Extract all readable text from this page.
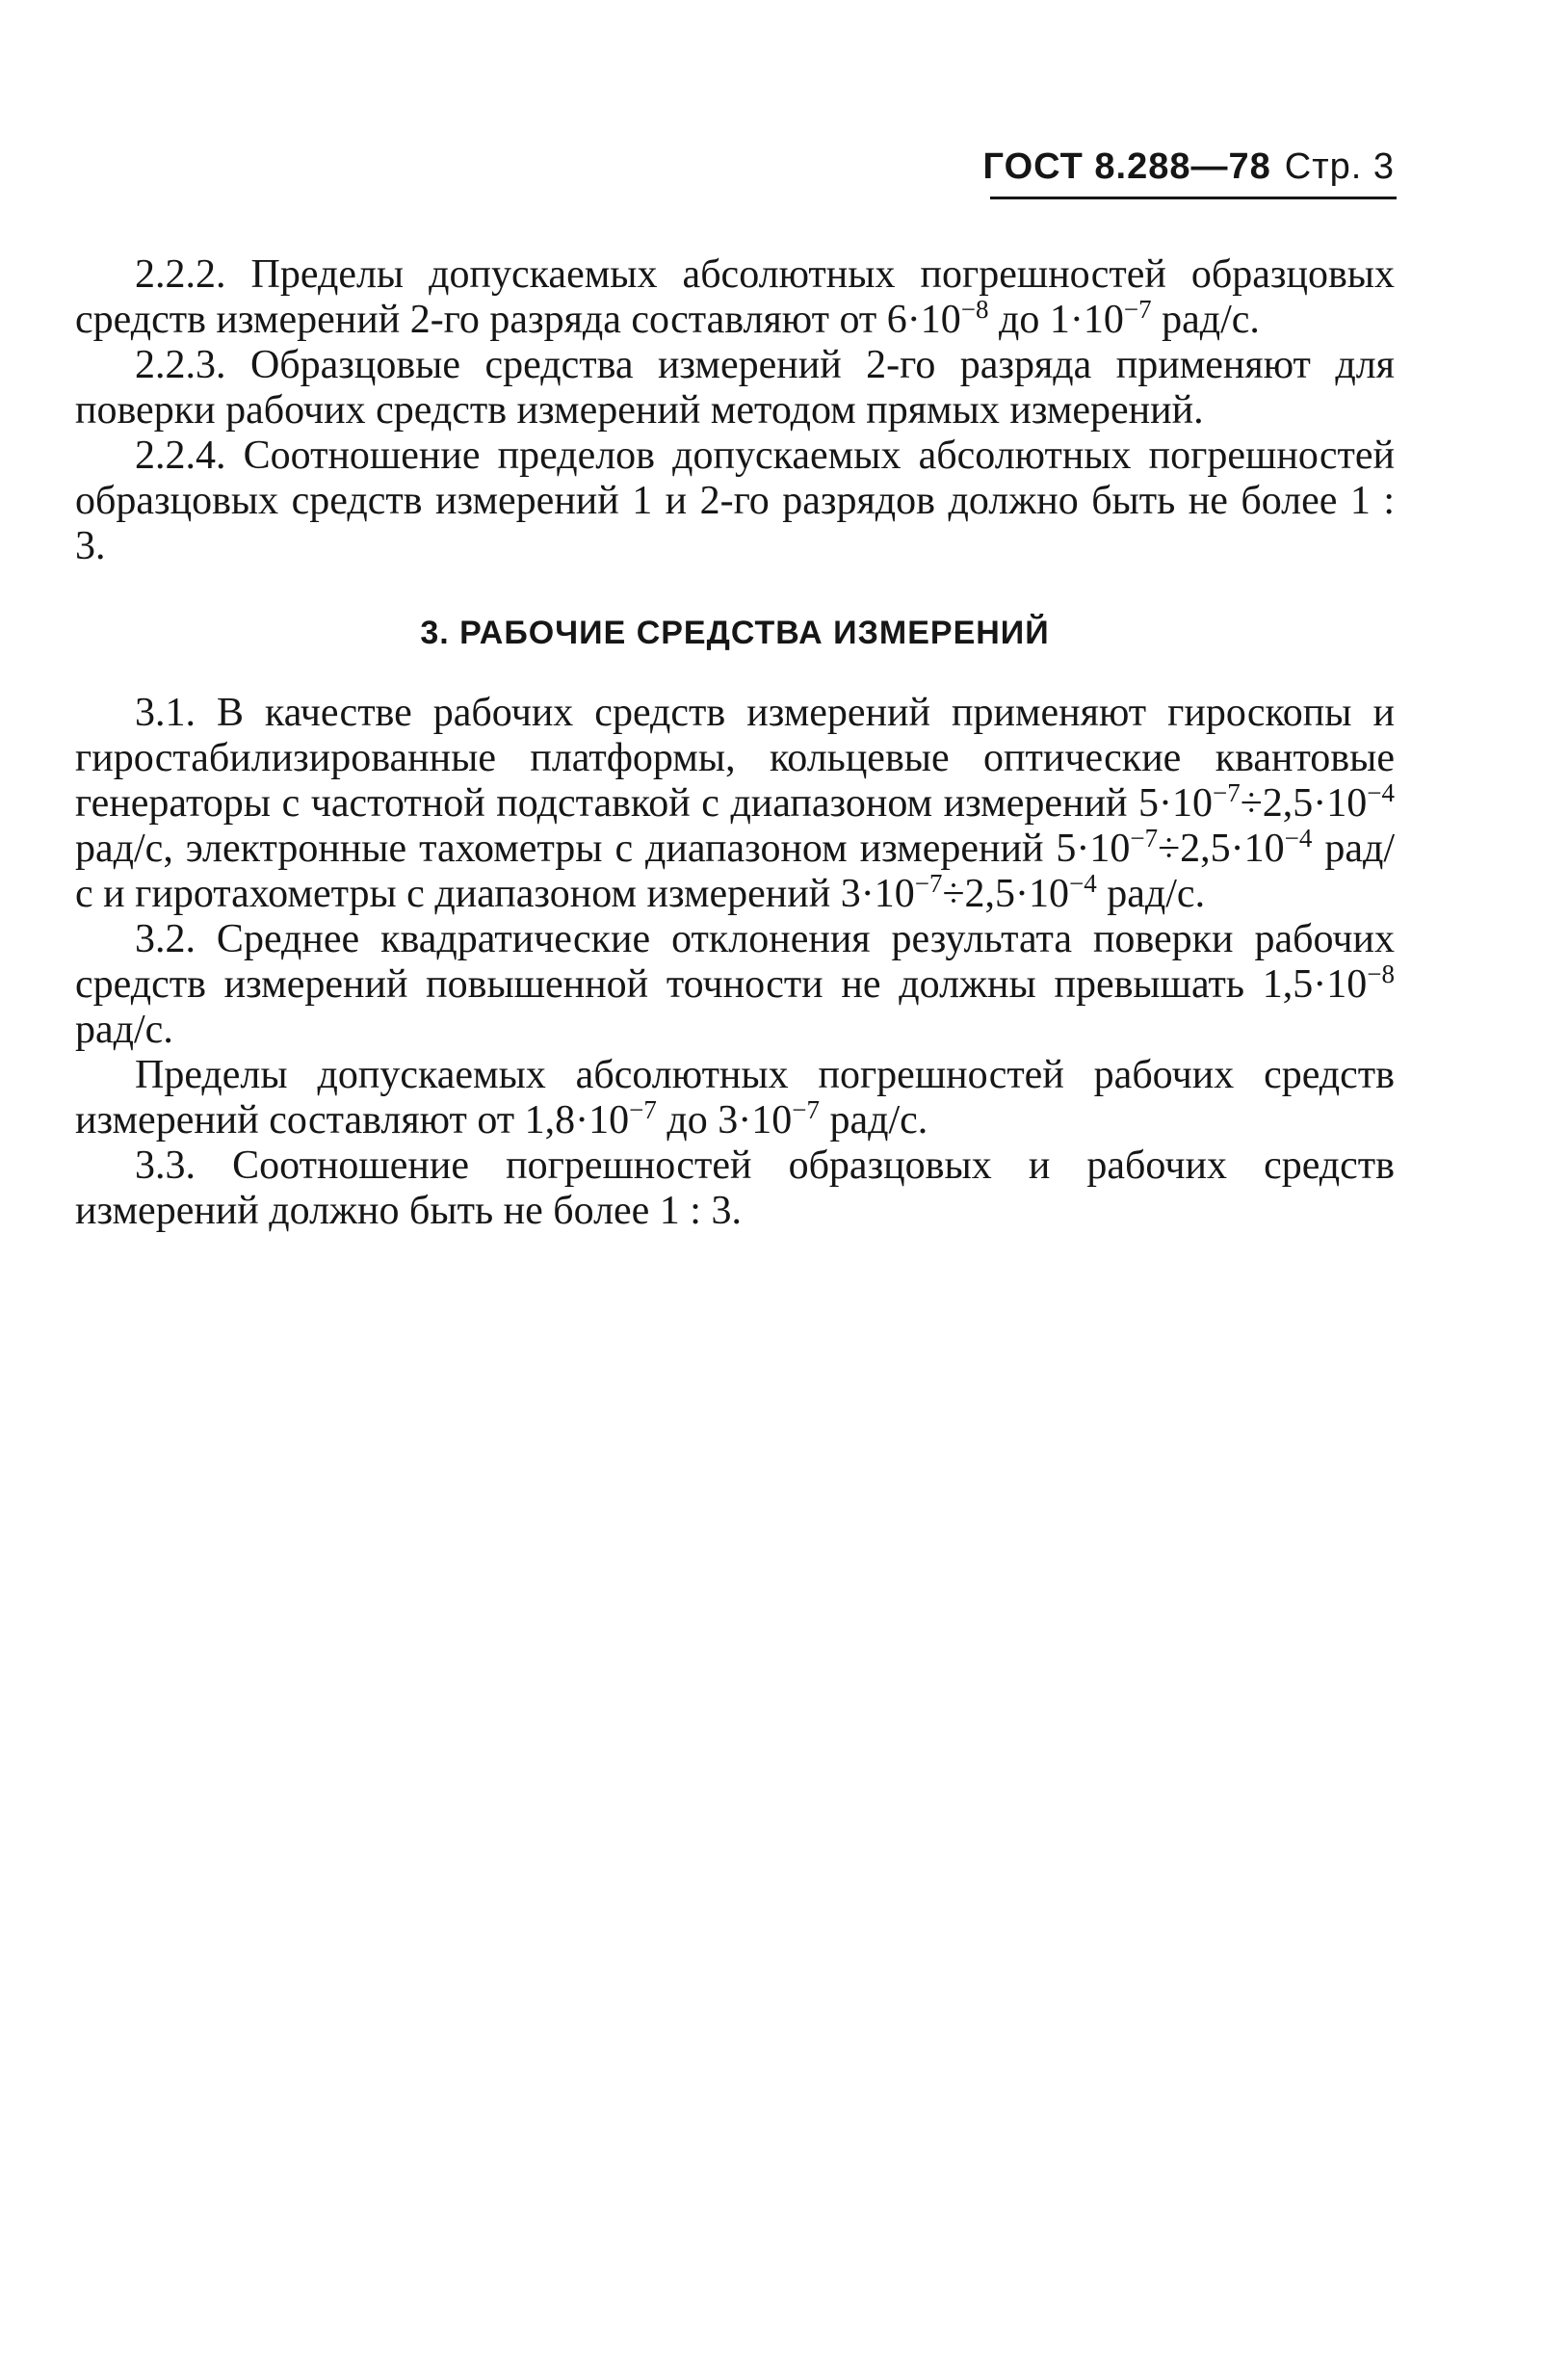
ГОСТ 8.288—78 Стр. 3

2.2.2. Пределы допускаемых абсолютных погрешностей образцовых средств измерений 2-го разряда составляют от $6\cdot 10^{-8}$ до $1\cdot 10^{-7}$ рад/с.

2.2.3. Образцовые средства измерений 2-го разряда применяют для поверки рабочих средств измерений методом прямых измерений.

2.2.4. Соотношение пределов допускаемых абсолютных погрешностей образцовых средств измерений 1 и 2-го разрядов должно быть не более 1 : 3.

3. РАБОЧИЕ СРЕДСТВА ИЗМЕРЕНИЙ

3.1. В качестве рабочих средств измерений применяют гироскопы и гиростабилизированные платформы, кольцевые оптические квантовые генераторы с частотной подставкой с диапазоном измерений $5\cdot 10^{-7}\div 2,5\cdot 10^{-4}$ рад/с, электронные тахометры с диапазоном измерений $5\cdot 10^{-7}\div 2,5\cdot 10^{-4}$ рад/с и гиротахометры с диапазоном измерений $3\cdot 10^{-7}\div 2,5\cdot 10^{-4}$ рад/с.

3.2. Среднее квадратические отклонения результата поверки рабочих средств измерений повышенной точности не должны превышать $1,5\cdot 10^{-8}$ рад/с.

Пределы допускаемых абсолютных погрешностей рабочих средств измерений составляют от $1,8\cdot 10^{-7}$ до $3\cdot 10^{-7}$ рад/с.

3.3. Соотношение погрешностей образцовых и рабочих средств измерений должно быть не более 1 : 3.
